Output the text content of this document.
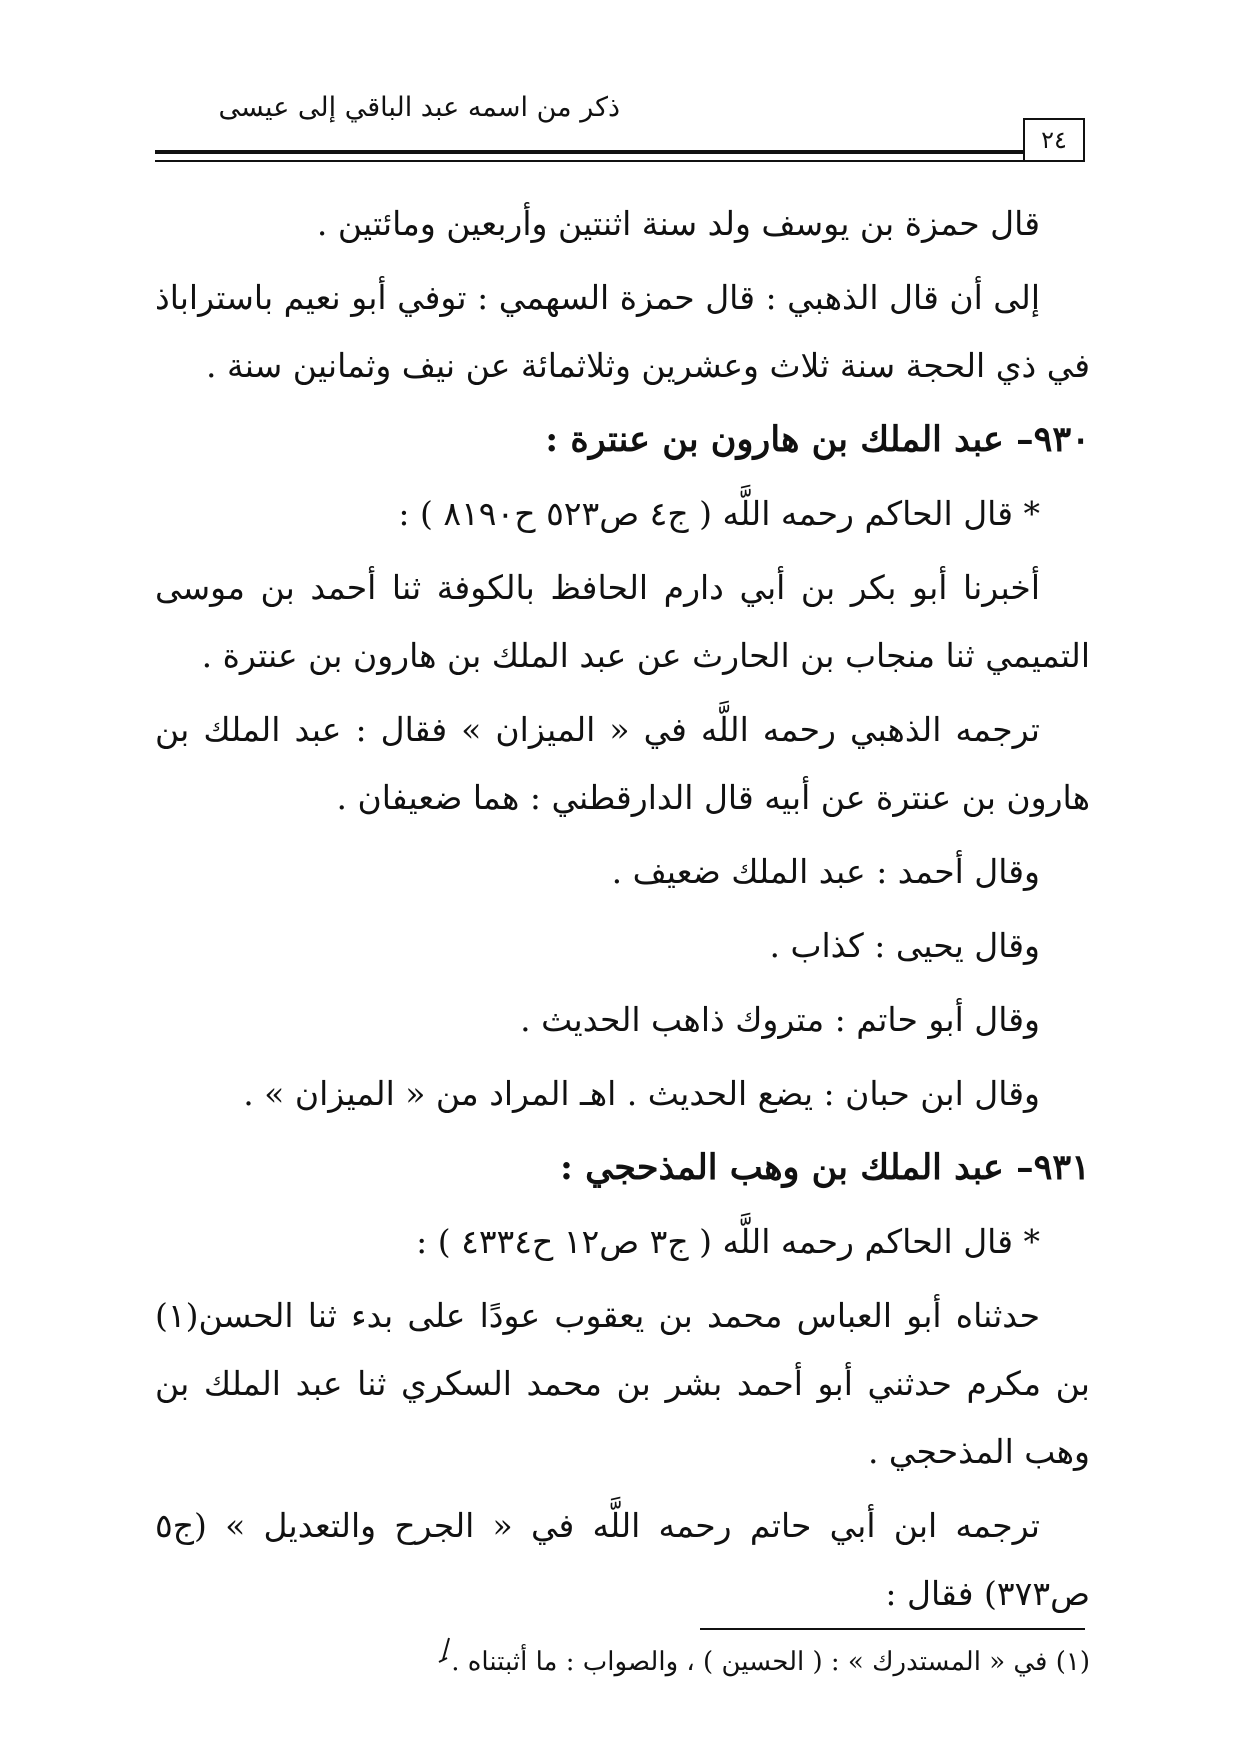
ذكر من اسمه عبد الباقي إلى عيسى
٢٤

قال حمزة بن يوسف ولد سنة اثنتين وأربعين ومائتين .

إلى أن قال الذهبي : قال حمزة السهمي : توفي أبو نعيم باستراباذ في ذي الحجة سنة ثلاث وعشرين وثلاثمائة عن نيف وثمانين سنة .

٩٣٠– عبد الملك بن هارون بن عنترة :

* قال الحاكم رحمه اللَّه ( ج٤ ص٥٢٣ ح٨١٩٠ ) :

أخبرنا أبو بكر بن أبي دارم الحافظ بالكوفة ثنا أحمد بن موسى التميمي ثنا منجاب بن الحارث عن عبد الملك بن هارون بن عنترة .

ترجمه الذهبي رحمه اللَّه في « الميزان » فقال : عبد الملك بن هارون بن عنترة عن أبيه قال الدارقطني : هما ضعيفان .

وقال أحمد : عبد الملك ضعيف .

وقال يحيى : كذاب .

وقال أبو حاتم : متروك ذاهب الحديث .

وقال ابن حبان : يضع الحديث . اهـ المراد من « الميزان » .

٩٣١– عبد الملك بن وهب المذحجي :

* قال الحاكم رحمه اللَّه ( ج٣ ص١٢ ح٤٣٣٤ ) :

حدثناه أبو العباس محمد بن يعقوب عودًا على بدء ثنا الحسن(١) بن مكرم حدثني أبو أحمد بشر بن محمد السكري ثنا عبد الملك بن وهب المذحجي .

ترجمه ابن أبي حاتم رحمه اللَّه في « الجرح والتعديل » (ج٥ ص٣٧٣) فقال :

(١) في « المستدرك » : ( الحسين ) ، والصواب : ما أثبتناه .
